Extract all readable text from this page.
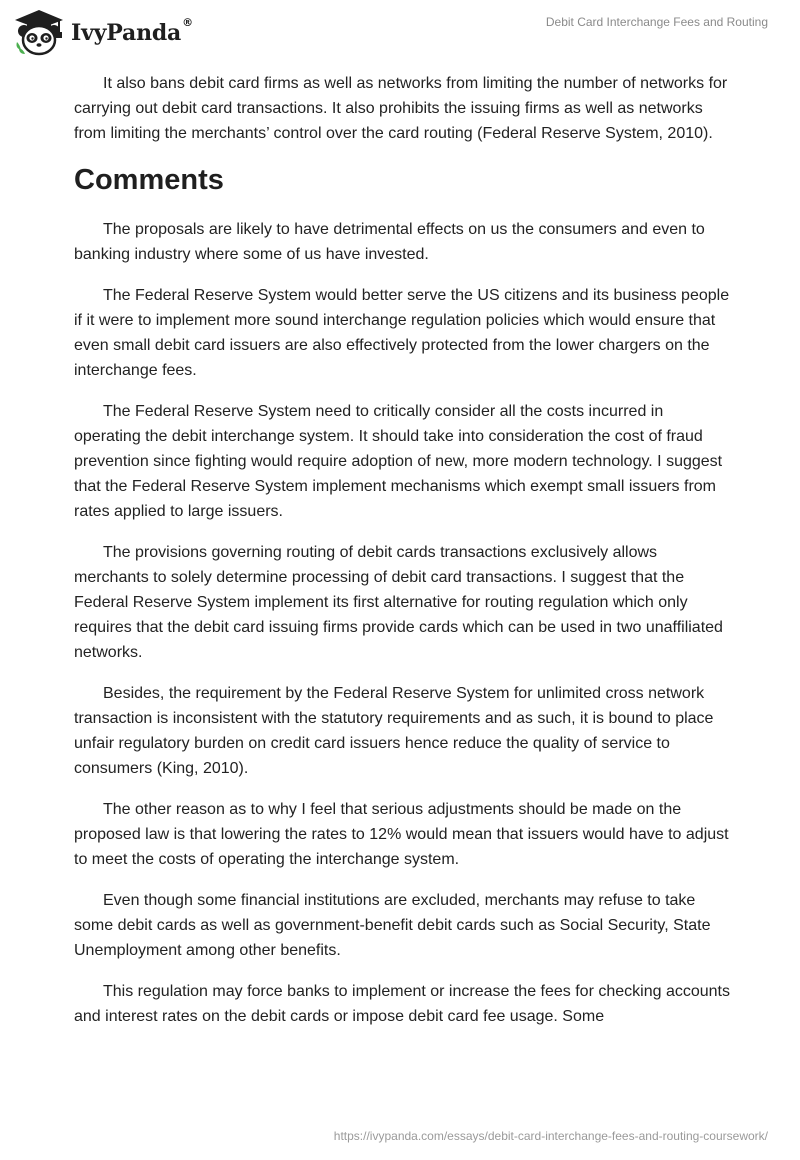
IvyPanda®	Debit Card Interchange Fees and Routing

It also bans debit card firms as well as networks from limiting the number of networks for carrying out debit card transactions. It also prohibits the issuing firms as well as networks from limiting the merchants’ control over the card routing (Federal Reserve System, 2010).

Comments

The proposals are likely to have detrimental effects on us the consumers and even to banking industry where some of us have invested.

The Federal Reserve System would better serve the US citizens and its business people if it were to implement more sound interchange regulation policies which would ensure that even small debit card issuers are also effectively protected from the lower chargers on the interchange fees.

The Federal Reserve System need to critically consider all the costs incurred in operating the debit interchange system. It should take into consideration the cost of fraud prevention since fighting would require adoption of new, more modern technology. I suggest that the Federal Reserve System implement mechanisms which exempt small issuers from rates applied to large issuers.

The provisions governing routing of debit cards transactions exclusively allows merchants to solely determine processing of debit card transactions. I suggest that the Federal Reserve System implement its first alternative for routing regulation which only requires that the debit card issuing firms provide cards which can be used in two unaffiliated networks.

Besides, the requirement by the Federal Reserve System for unlimited cross network transaction is inconsistent with the statutory requirements and as such, it is bound to place unfair regulatory burden on credit card issuers hence reduce the quality of service to consumers (King, 2010).

The other reason as to why I feel that serious adjustments should be made on the proposed law is that lowering the rates to 12% would mean that issuers would have to adjust to meet the costs of operating the interchange system.

Even though some financial institutions are excluded, merchants may refuse to take some debit cards as well as government-benefit debit cards such as Social Security, State Unemployment among other benefits.

This regulation may force banks to implement or increase the fees for checking accounts and interest rates on the debit cards or impose debit card fee usage. Some

https://ivypanda.com/essays/debit-card-interchange-fees-and-routing-coursework/
